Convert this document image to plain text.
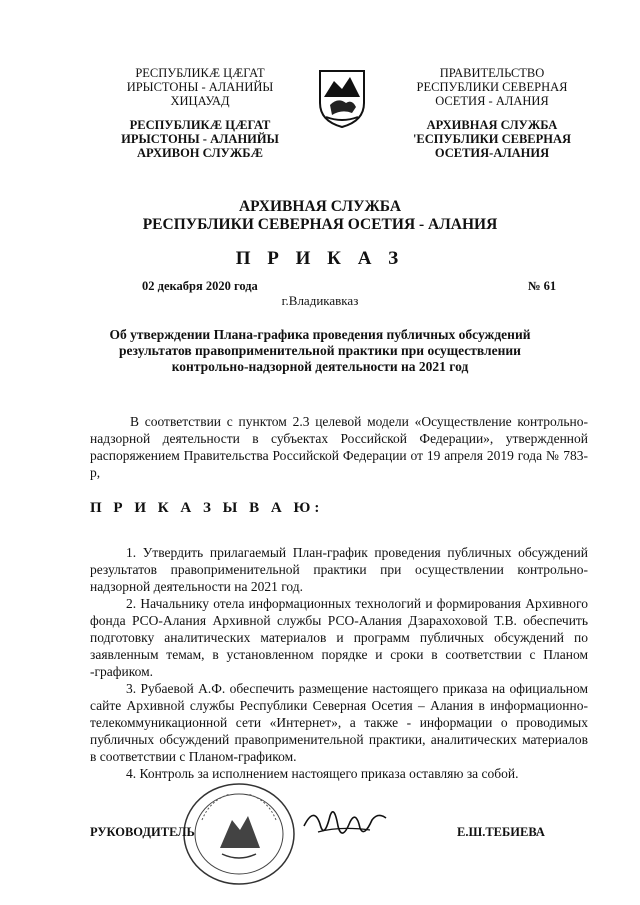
РЕСПУБЛИКӔ ЦӔГАТ
ИРЫСТОНЫ - АЛАНИЙЫ
ХИЦАУАД
РЕСПУБЛИКӔ ЦӔГАТ
ИРЫСТОНЫ - АЛАНИЙЫ
АРХИВОН СЛУЖБӔ
ПРАВИТЕЛЬСТВО
РЕСПУБЛИКИ СЕВЕРНАЯ
ОСЕТИЯ - АЛАНИЯ
АРХИВНАЯ СЛУЖБА
'ЕСПУБЛИКИ СЕВЕРНАЯ
ОСЕТИЯ-АЛАНИЯ
АРХИВНАЯ СЛУЖБА
РЕСПУБЛИКИ СЕВЕРНАЯ ОСЕТИЯ - АЛАНИЯ
П Р И К А З
02 декабря 2020 года	№ 61
г.Владикавказ
Об утверждении Плана-графика проведения публичных обсуждений результатов правоприменительной практики при осуществлении контрольно-надзорной деятельности на 2021 год
В соответствии с пунктом 2.3 целевой модели «Осуществление контрольно-надзорной деятельности в субъектах Российской Федерации», утвержденной распоряжением Правительства Российской Федерации от 19 апреля 2019 года № 783-р,
П Р И К А З Ы В А Ю:

1. Утвердить прилагаемый План-график проведения публичных обсуждений результатов правоприменительной практики при осуществлении контрольно-надзорной деятельности на 2021 год.

2. Начальнику отела информационных технологий и формирования Архивного фонда РСО-Алания Архивной службы РСО-Алания Дзарахоховой Т.В. обеспечить подготовку аналитических материалов и программ публичных обсуждений по заявленным темам, в установленном порядке и сроки в соответствии с Планом -графиком.

3. Рубаевой А.Ф. обеспечить размещение настоящего приказа на официальном сайте Архивной службы Республики Северная Осетия – Алания в информационно-телекоммуникационной сети «Интернет», а также - информации о проводимых публичных обсуждений правоприменительной практики, аналитических материалов в соответствии с Планом-графиком.

4. Контроль за исполнением настоящего приказа оставляю за собой.

РУКОВОДИТЕЛЬ	Е.Ш.ТЕБИЕВА
